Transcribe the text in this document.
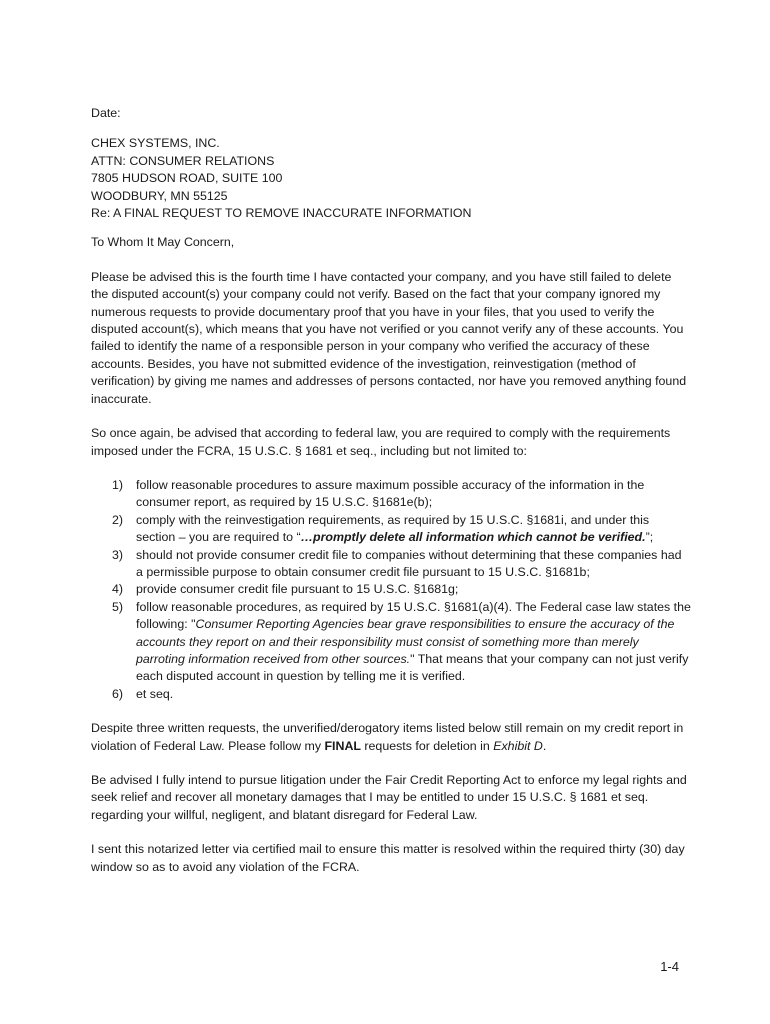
Date:

CHEX SYSTEMS, INC.
ATTN: CONSUMER RELATIONS
7805 HUDSON ROAD, SUITE 100
WOODBURY, MN 55125
Re: A FINAL REQUEST TO REMOVE INACCURATE INFORMATION

To Whom It May Concern,

Please be advised this is the fourth time I have contacted your company, and you have still failed to delete the disputed account(s) your company could not verify. Based on the fact that your company ignored my numerous requests to provide documentary proof that you have in your files, that you used to verify the disputed account(s), which means that you have not verified or you cannot verify any of these accounts. You failed to identify the name of a responsible person in your company who verified the accuracy of these accounts. Besides, you have not submitted evidence of the investigation, reinvestigation (method of verification) by giving me names and addresses of persons contacted, nor have you removed anything found inaccurate.

So once again, be advised that according to federal law, you are required to comply with the requirements imposed under the FCRA, 15 U.S.C. § 1681 et seq., including but not limited to:

1) follow reasonable procedures to assure maximum possible accuracy of the information in the consumer report, as required by 15 U.S.C. §1681e(b);
2) comply with the reinvestigation requirements, as required by 15 U.S.C. §1681i, and under this section – you are required to “…promptly delete all information which cannot be verified.”;
3) should not provide consumer credit file to companies without determining that these companies had a permissible purpose to obtain consumer credit file pursuant to 15 U.S.C. §1681b;
4) provide consumer credit file pursuant to 15 U.S.C. §1681g;
5) follow reasonable procedures, as required by 15 U.S.C. §1681(a)(4). The Federal case law states the following: "Consumer Reporting Agencies bear grave responsibilities to ensure the accuracy of the accounts they report on and their responsibility must consist of something more than merely parroting information received from other sources." That means that your company can not just verify each disputed account in question by telling me it is verified.
6) et seq.

Despite three written requests, the unverified/derogatory items listed below still remain on my credit report in violation of Federal Law. Please follow my FINAL requests for deletion in Exhibit D.

Be advised I fully intend to pursue litigation under the Fair Credit Reporting Act to enforce my legal rights and seek relief and recover all monetary damages that I may be entitled to under 15 U.S.C. § 1681 et seq. regarding your willful, negligent, and blatant disregard for Federal Law.

I sent this notarized letter via certified mail to ensure this matter is resolved within the required thirty (30) day window so as to avoid any violation of the FCRA.

1-4
